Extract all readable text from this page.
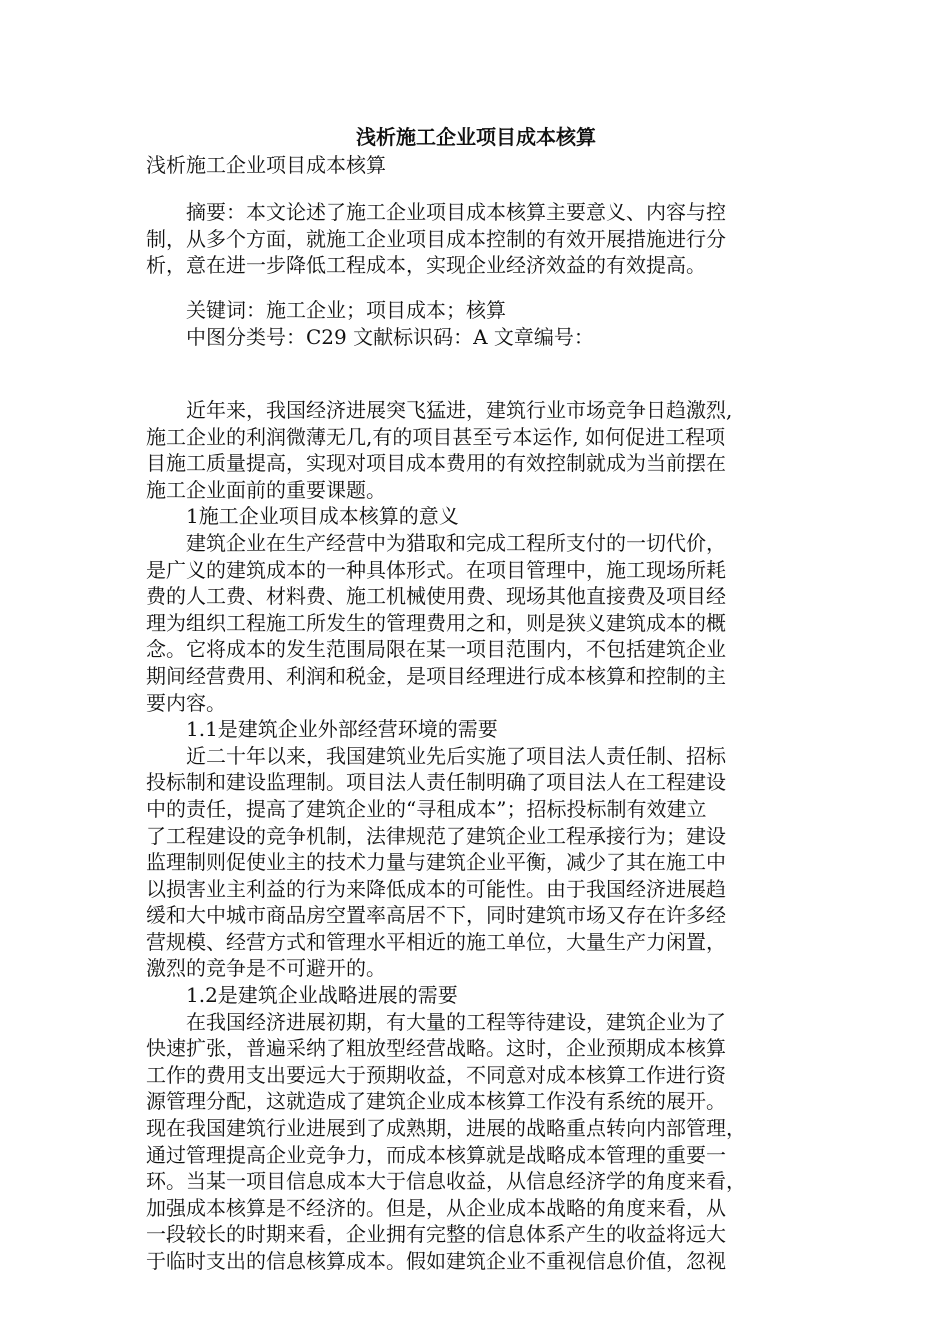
浅析施工企业项目成本核算

浅析施工企业项目成本核算

　　摘要：本文论述了施工企业项目成本核算主要意义、内容与控
制，从多个方面，就施工企业项目成本控制的有效开展措施进行分
析，意在进一步降低工程成本，实现企业经济效益的有效提高。
　　关键词：施工企业；项目成本；核算
　　中图分类号：C29 文献标识码：A 文章编号：
　　近年来，我国经济进展突飞猛进，建筑行业市场竞争日趋激烈,
施工企业的利润微薄无几,有的项目甚至亏本运作, 如何促进工程项
目施工质量提高，实现对项目成本费用的有效控制就成为当前摆在
施工企业面前的重要课题。
　　1施工企业项目成本核算的意义
　　建筑企业在生产经营中为猎取和完成工程所支付的一切代价，
是广义的建筑成本的一种具体形式。在项目管理中，施工现场所耗
费的人工费、材料费、施工机械使用费、现场其他直接费及项目经
理为组织工程施工所发生的管理费用之和，则是狭义建筑成本的概
念。它将成本的发生范围局限在某一项目范围内，不包括建筑企业
期间经营费用、利润和税金，是项目经理进行成本核算和控制的主
要内容。
　　1.1是建筑企业外部经营环境的需要
　　近二十年以来，我国建筑业先后实施了项目法人责任制、招标
投标制和建设监理制。项目法人责任制明确了项目法人在工程建设
中的责任，提高了建筑企业的“寻租成本”；招标投标制有效建立
了工程建设的竞争机制，法律规范了建筑企业工程承接行为；建设
监理制则促使业主的技术力量与建筑企业平衡，减少了其在施工中
以损害业主利益的行为来降低成本的可能性。由于我国经济进展趋
缓和大中城市商品房空置率高居不下，同时建筑市场又存在许多经
营规模、经营方式和管理水平相近的施工单位，大量生产力闲置，
激烈的竞争是不可避开的。
　　1.2是建筑企业战略进展的需要
　　在我国经济进展初期，有大量的工程等待建设，建筑企业为了
快速扩张，普遍采纳了粗放型经营战略。这时，企业预期成本核算
工作的费用支出要远大于预期收益，不同意对成本核算工作进行资
源管理分配，这就造成了建筑企业成本核算工作没有系统的展开。
现在我国建筑行业进展到了成熟期，进展的战略重点转向内部管理，
通过管理提高企业竞争力，而成本核算就是战略成本管理的重要一
环。当某一项目信息成本大于信息收益，从信息经济学的角度来看，
加强成本核算是不经济的。但是，从企业成本战略的角度来看，从
一段较长的时期来看，企业拥有完整的信息体系产生的收益将远大
于临时支出的信息核算成本。假如建筑企业不重视信息价值，忽视
